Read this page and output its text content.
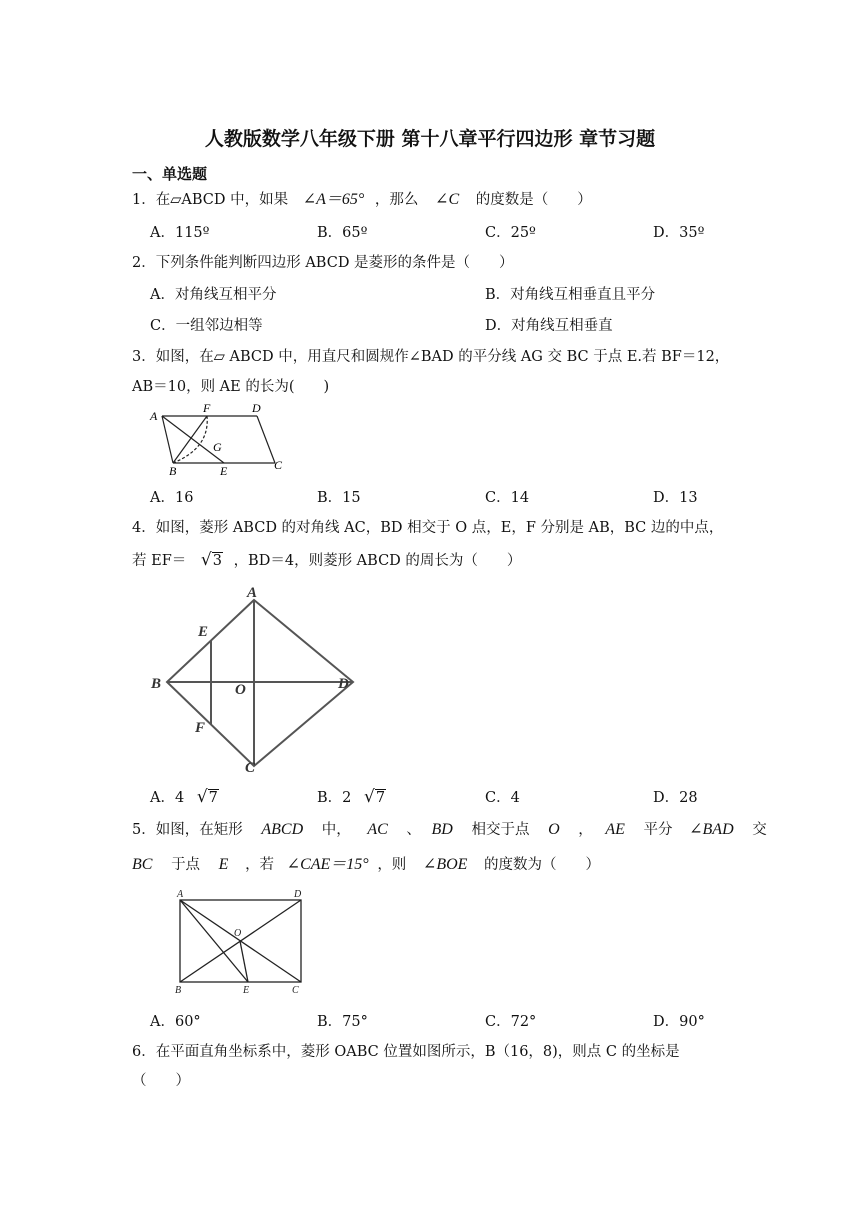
人教版数学八年级下册 第十八章平行四边形 章节习题
一、单选题
1．在▱ABCD 中，如果 ∠A＝65° ，那么 ∠C 的度数是（　　）
A．115º	B．65º	C．25º	D．35º
2．下列条件能判断四边形 ABCD 是菱形的条件是（　　）
A．对角线互相平分	B．对角线互相垂直且平分
C．一组邻边相等	D．对角线互相垂直
3．如图，在▱ ABCD 中，用直尺和圆规作∠BAD 的平分线 AG 交 BC 于点 E.若 BF＝12，
AB＝10，则 AE 的长为(　　)
A
F	D
G
B	E	C
A．16	B．15	C．14	D．13
4．如图，菱形 ABCD 的对角线 AC，BD 相交于 O 点，E，F 分别是 AB，BC 边的中点，
若 EF＝ √3 ，BD＝4，则菱形 ABCD 的周长为（　　）
A
E
B	O	D
F
C
A．4 √7	B．2 √7	C．4	D．28
5．如图，在矩形 ABCD 中， AC 、 BD 相交于点 O ， AE 平分 ∠BAD 交
BC 于点 E ，若 ∠CAE＝15° ，则 ∠BOE 的度数为（　　）
A	D
O
B	E	C
A．60°	B．75°	C．72°	D．90°
6．在平面直角坐标系中，菱形 OABC 位置如图所示，B（16，8)，则点 C 的坐标是
（　　）
